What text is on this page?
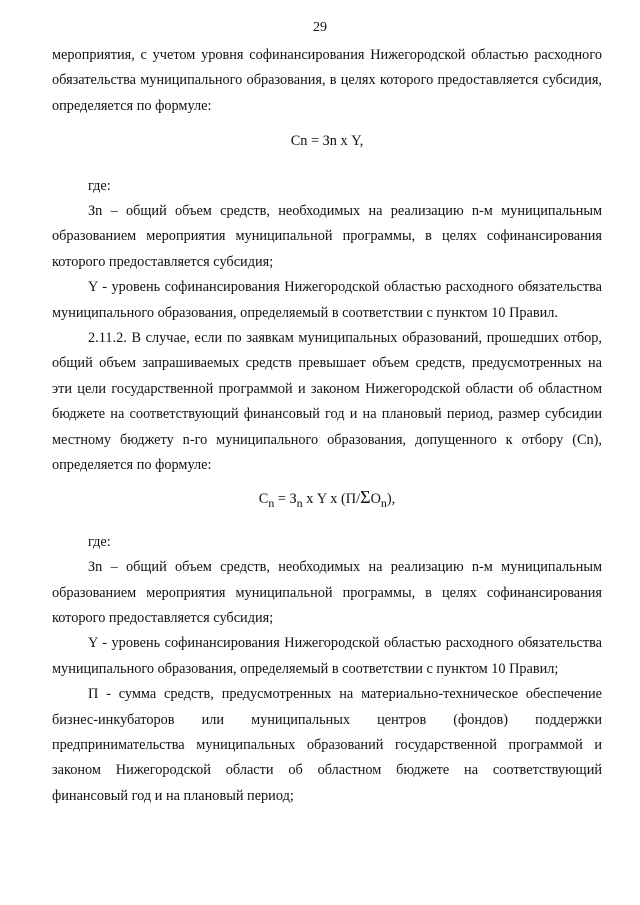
29

мероприятия, с учетом уровня софинансирования Нижегородской областью расходного обязательства муниципального образования, в целях которого предоставляется субсидия, определяется по формуле:

Сn = Зn х Y,

где:

Зn – общий объем средств, необходимых на реализацию n-м муниципальным образованием мероприятия муниципальной программы, в целях софинансирования которого предоставляется субсидия;

Y - уровень софинансирования Нижегородской областью расходного обязательства муниципального образования, определяемый в соответствии с пунктом 10 Правил.

2.11.2. В случае, если по заявкам муниципальных образований, прошедших отбор, общий объем запрашиваемых средств превышает объем средств, предусмотренных на эти цели государственной программой и законом Нижегородской области об областном бюджете на соответствующий финансовый год и на плановый период, размер субсидии местному бюджету n-го муниципального образования, допущенного к отбору (Сn), определяется по формуле:

$С_n = З_n$ х Y х $(П/\Sigma O_n)$,

где:

Зn – общий объем средств, необходимых на реализацию n-м муниципальным образованием мероприятия муниципальной программы, в целях софинансирования которого предоставляется субсидия;

Y - уровень софинансирования Нижегородской областью расходного обязательства муниципального образования, определяемый в соответствии с пунктом 10 Правил;

П - сумма средств, предусмотренных на материально-техническое обеспечение бизнес-инкубаторов или муниципальных центров (фондов) поддержки предпринимательства муниципальных образований государственной программой и законом Нижегородской области об областном бюджете на соответствующий финансовый год и на плановый период;
